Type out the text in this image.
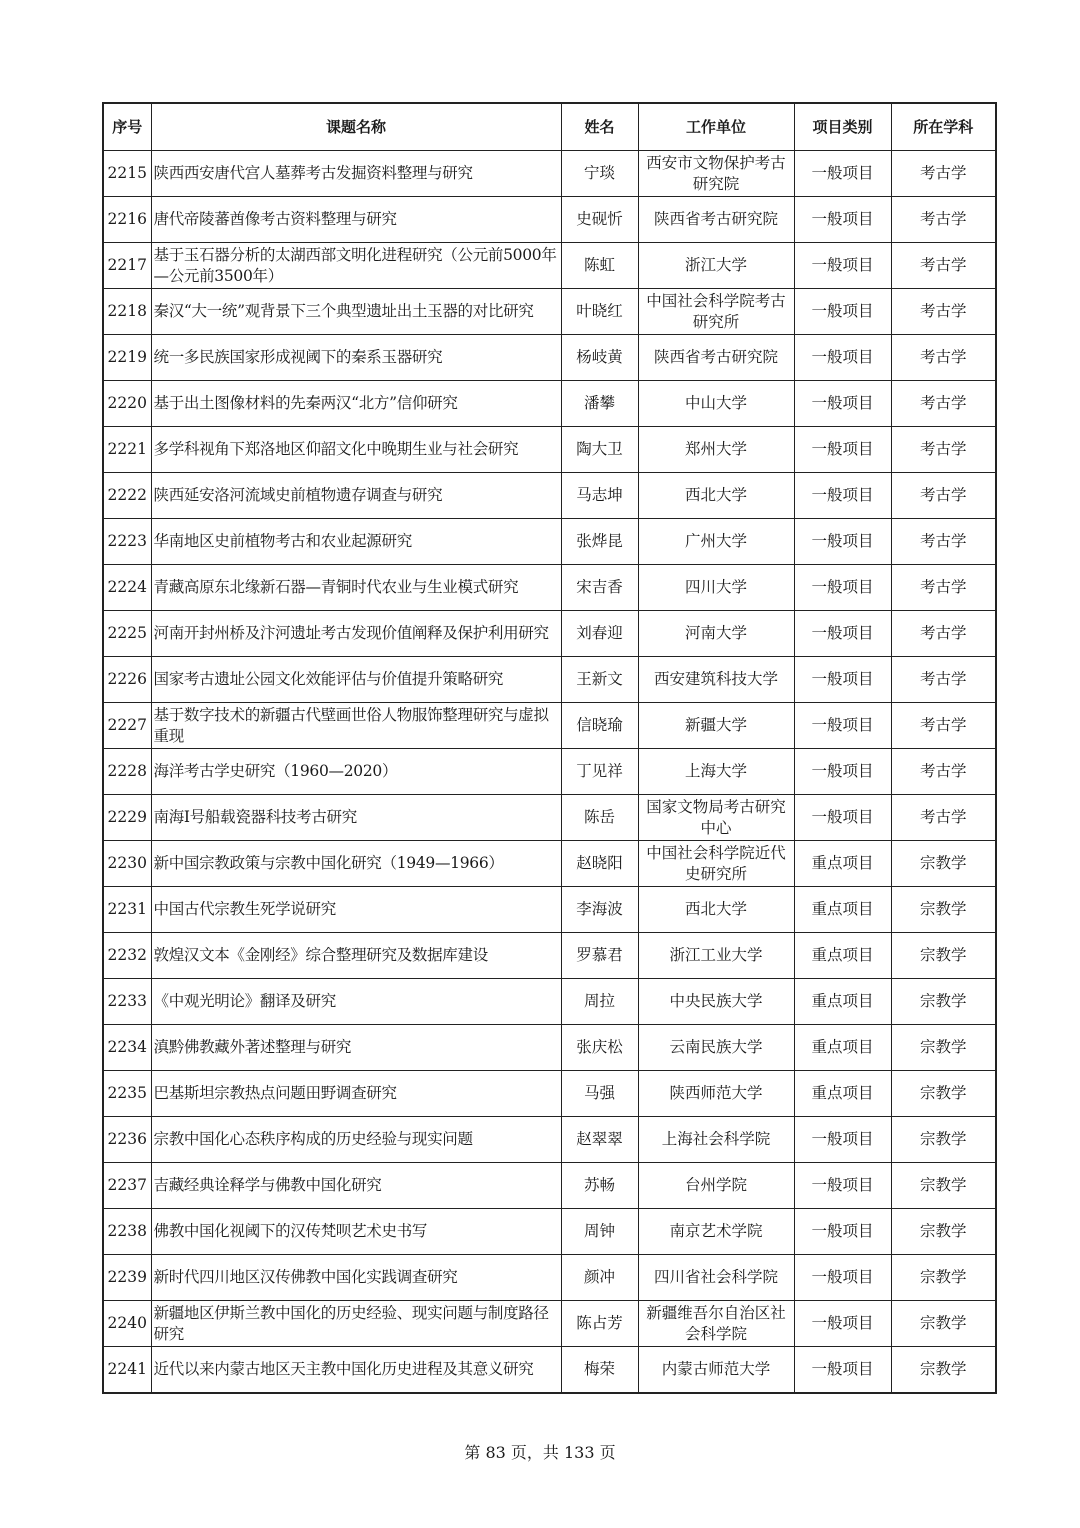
序号	课题名称	姓名	工作单位	项目类别	所在学科
2215	陕西西安唐代宫人墓葬考古发掘资料整理与研究	宁琰	西安市文物保护考古研究院	一般项目	考古学
2216	唐代帝陵蕃酋像考古资料整理与研究	史砚忻	陕西省考古研究院	一般项目	考古学
2217	基于玉石器分析的太湖西部文明化进程研究（公元前5000年—公元前3500年）	陈虹	浙江大学	一般项目	考古学
2218	秦汉“大一统”观背景下三个典型遗址出土玉器的对比研究	叶晓红	中国社会科学院考古研究所	一般项目	考古学
2219	统一多民族国家形成视阈下的秦系玉器研究	杨岐黄	陕西省考古研究院	一般项目	考古学
2220	基于出土图像材料的先秦两汉“北方”信仰研究	潘攀	中山大学	一般项目	考古学
2221	多学科视角下郑洛地区仰韶文化中晚期生业与社会研究	陶大卫	郑州大学	一般项目	考古学
2222	陕西延安洛河流域史前植物遗存调查与研究	马志坤	西北大学	一般项目	考古学
2223	华南地区史前植物考古和农业起源研究	张烨昆	广州大学	一般项目	考古学
2224	青藏高原东北缘新石器—青铜时代农业与生业模式研究	宋吉香	四川大学	一般项目	考古学
2225	河南开封州桥及汴河遗址考古发现价值阐释及保护利用研究	刘春迎	河南大学	一般项目	考古学
2226	国家考古遗址公园文化效能评估与价值提升策略研究	王新文	西安建筑科技大学	一般项目	考古学
2227	基于数字技术的新疆古代壁画世俗人物服饰整理研究与虚拟重现	信晓瑜	新疆大学	一般项目	考古学
2228	海洋考古学史研究（1960—2020）	丁见祥	上海大学	一般项目	考古学
2229	南海I号船载瓷器科技考古研究	陈岳	国家文物局考古研究中心	一般项目	考古学
2230	新中国宗教政策与宗教中国化研究（1949—1966）	赵晓阳	中国社会科学院近代史研究所	重点项目	宗教学
2231	中国古代宗教生死学说研究	李海波	西北大学	重点项目	宗教学
2232	敦煌汉文本《金刚经》综合整理研究及数据库建设	罗慕君	浙江工业大学	重点项目	宗教学
2233	《中观光明论》翻译及研究	周拉	中央民族大学	重点项目	宗教学
2234	滇黔佛教藏外著述整理与研究	张庆松	云南民族大学	重点项目	宗教学
2235	巴基斯坦宗教热点问题田野调查研究	马强	陕西师范大学	重点项目	宗教学
2236	宗教中国化心态秩序构成的历史经验与现实问题	赵翠翠	上海社会科学院	一般项目	宗教学
2237	吉藏经典诠释学与佛教中国化研究	苏畅	台州学院	一般项目	宗教学
2238	佛教中国化视阈下的汉传梵呗艺术史书写	周钟	南京艺术学院	一般项目	宗教学
2239	新时代四川地区汉传佛教中国化实践调查研究	颜冲	四川省社会科学院	一般项目	宗教学
2240	新疆地区伊斯兰教中国化的历史经验、现实问题与制度路径研究	陈占芳	新疆维吾尔自治区社会科学院	一般项目	宗教学
2241	近代以来内蒙古地区天主教中国化历史进程及其意义研究	梅荣	内蒙古师范大学	一般项目	宗教学
第 83 页，共 133 页
